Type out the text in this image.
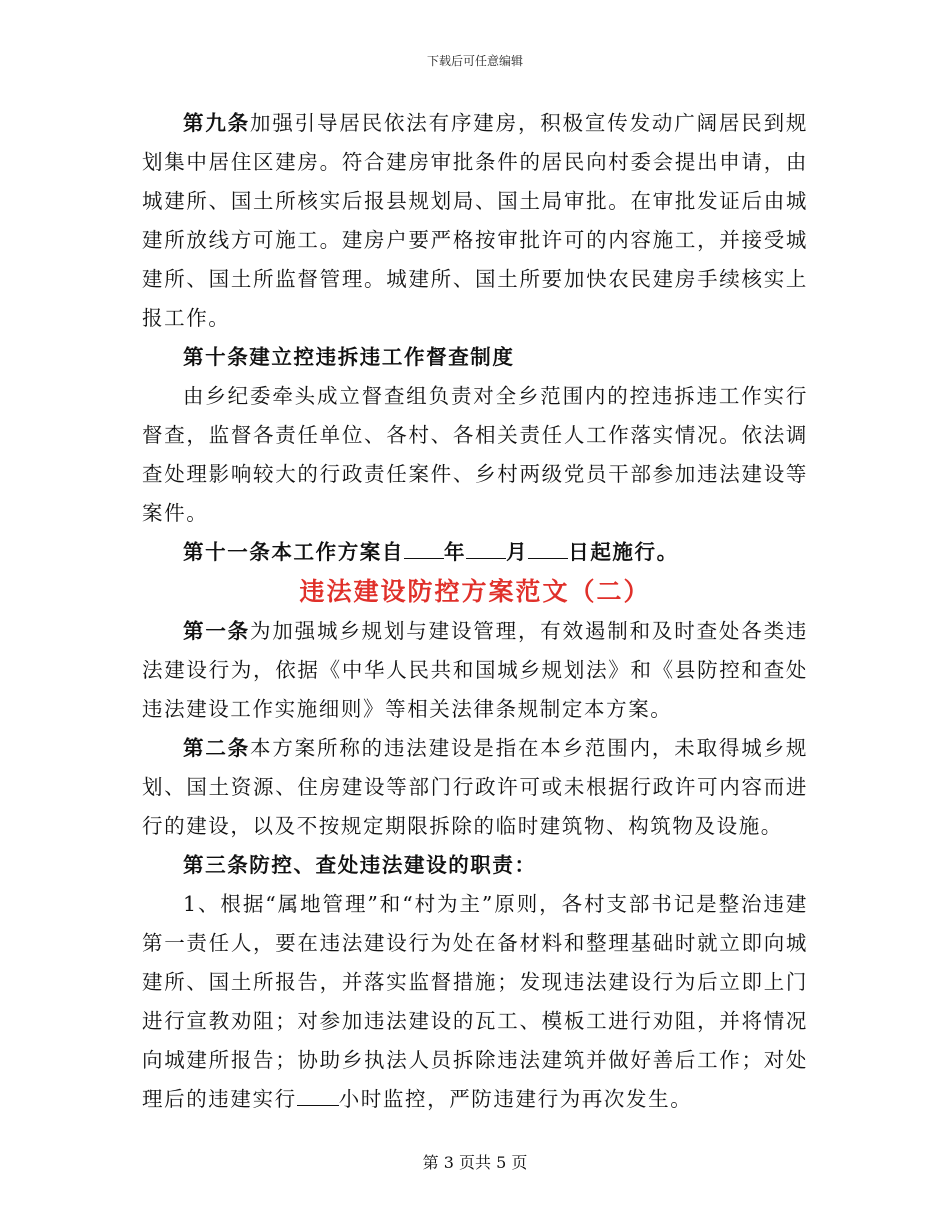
下载后可任意编辑

第九条加强引导居民依法有序建房，积极宣传发动广阔居民到规划集中居住区建房。符合建房审批条件的居民向村委会提出申请，由城建所、国土所核实后报县规划局、国土局审批。在审批发证后由城建所放线方可施工。建房户要严格按审批许可的内容施工，并接受城建所、国土所监督管理。城建所、国土所要加快农民建房手续核实上报工作。

第十条建立控违拆违工作督查制度

由乡纪委牵头成立督查组负责对全乡范围内的控违拆违工作实行督查，监督各责任单位、各村、各相关责任人工作落实情况。依法调查处理影响较大的行政责任案件、乡村两级党员干部参加违法建设等案件。

第十一条本工作方案自 年 月 日起施行。

违法建设防控方案范文（二）

第一条为加强城乡规划与建设管理，有效遏制和及时查处各类违法建设行为，依据《中华人民共和国城乡规划法》和《县防控和查处违法建设工作实施细则》等相关法律条规制定本方案。

第二条本方案所称的违法建设是指在本乡范围内，未取得城乡规划、国土资源、住房建设等部门行政许可或未根据行政许可内容而进行的建设，以及不按规定期限拆除的临时建筑物、构筑物及设施。

第三条防控、查处违法建设的职责：

1、根据“属地管理”和“村为主”原则，各村支部书记是整治违建第一责任人，要在违法建设行为处在备材料和整理基础时就立即向城建所、国土所报告，并落实监督措施；发现违法建设行为后立即上门进行宣教劝阻；对参加违法建设的瓦工、模板工进行劝阻，并将情况向城建所报告；协助乡执法人员拆除违法建筑并做好善后工作；对处理后的违建实行 小时监控，严防违建行为再次发生。

第 3 页共 5 页
